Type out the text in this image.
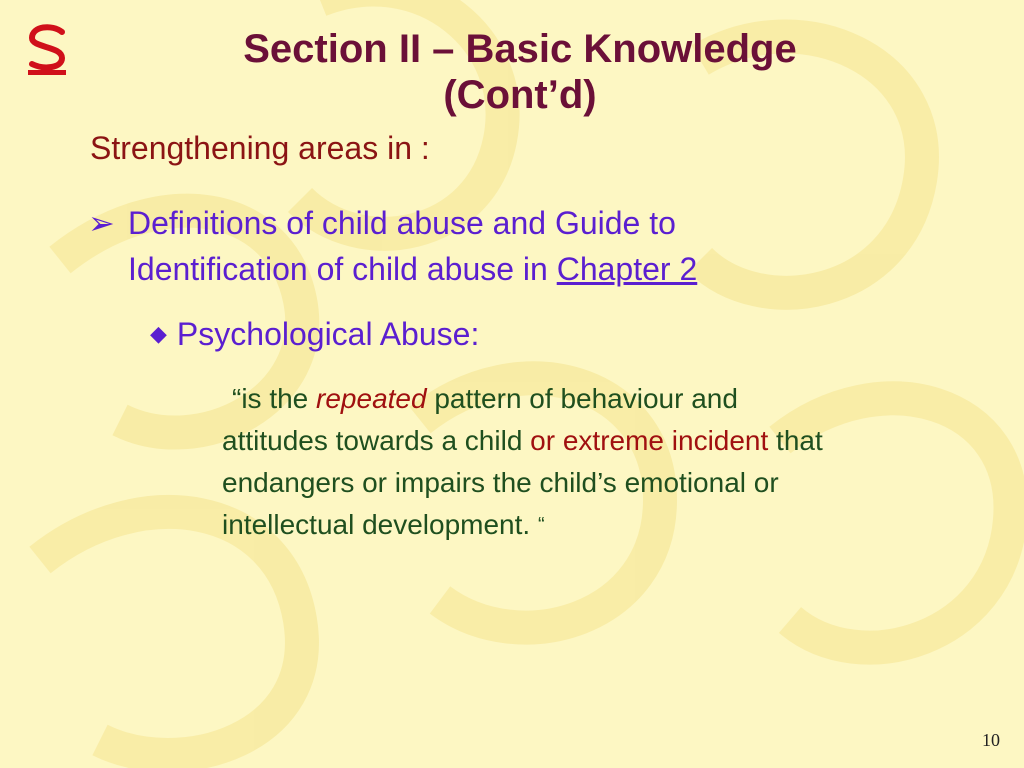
Section II – Basic Knowledge
(Cont’d)
Strengthening areas in :
➢ Definitions of child abuse and Guide to
Identification of child abuse in Chapter 2
◆ Psychological Abuse:
“is the repeated pattern of behaviour and
attitudes towards a child or extreme incident that
endangers or impairs the child’s emotional or
intellectual development. “
10
